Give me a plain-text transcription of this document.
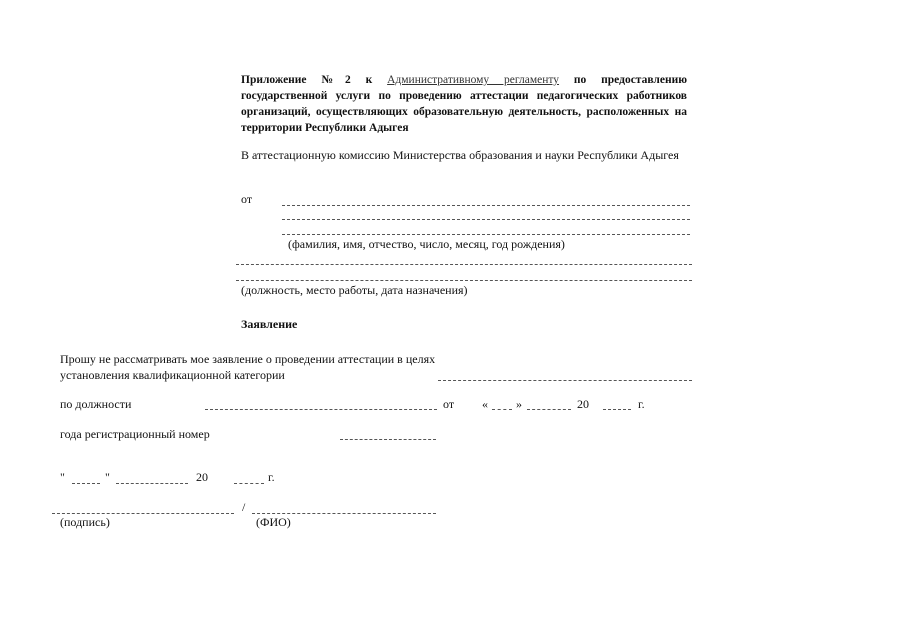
Приложение №2 к Административному регламенту по предоставлению государственной услуги по проведению аттестации педагогических работников организаций, осуществляющих образовательную деятельность, расположенных на территории Республики Адыгея
В аттестационную комиссию Министерства образования и науки Республики Адыгея
от
(фамилия, имя, отчество, число, месяц, год рождения)
(должность, место работы, дата назначения)
Заявление
Прошу не рассматривать мое заявление о проведении аттестации в целях
установления квалификационной категории
по должности	от « »	20	г.
года регистрационный номер
"	"	20	г.
/
(подпись)	(ФИО)
